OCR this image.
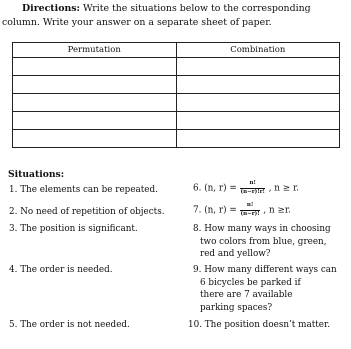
Directions: Write the situations below to the corresponding
column. Write your answer on a separate sheet of paper.
Permutation	Combination

Situations:
1. The elements can be repeated.
2. No need of repetition of objects.
3. The position is significant.
4. The order is needed.
5. The order is not needed.
6. (n, $r) = \frac{n!}{(n-r)!r!}$ , n ≥ r.
7. (n, $r) = \frac{n!}{(n-r)!}$ , n ≥r.
8. How many ways in choosing
two colors from blue, green,
red and yellow?
9. How many different ways can
6 bicycles be parked if
there are 7 available
parking spaces?
10. The position doesn’t matter.
